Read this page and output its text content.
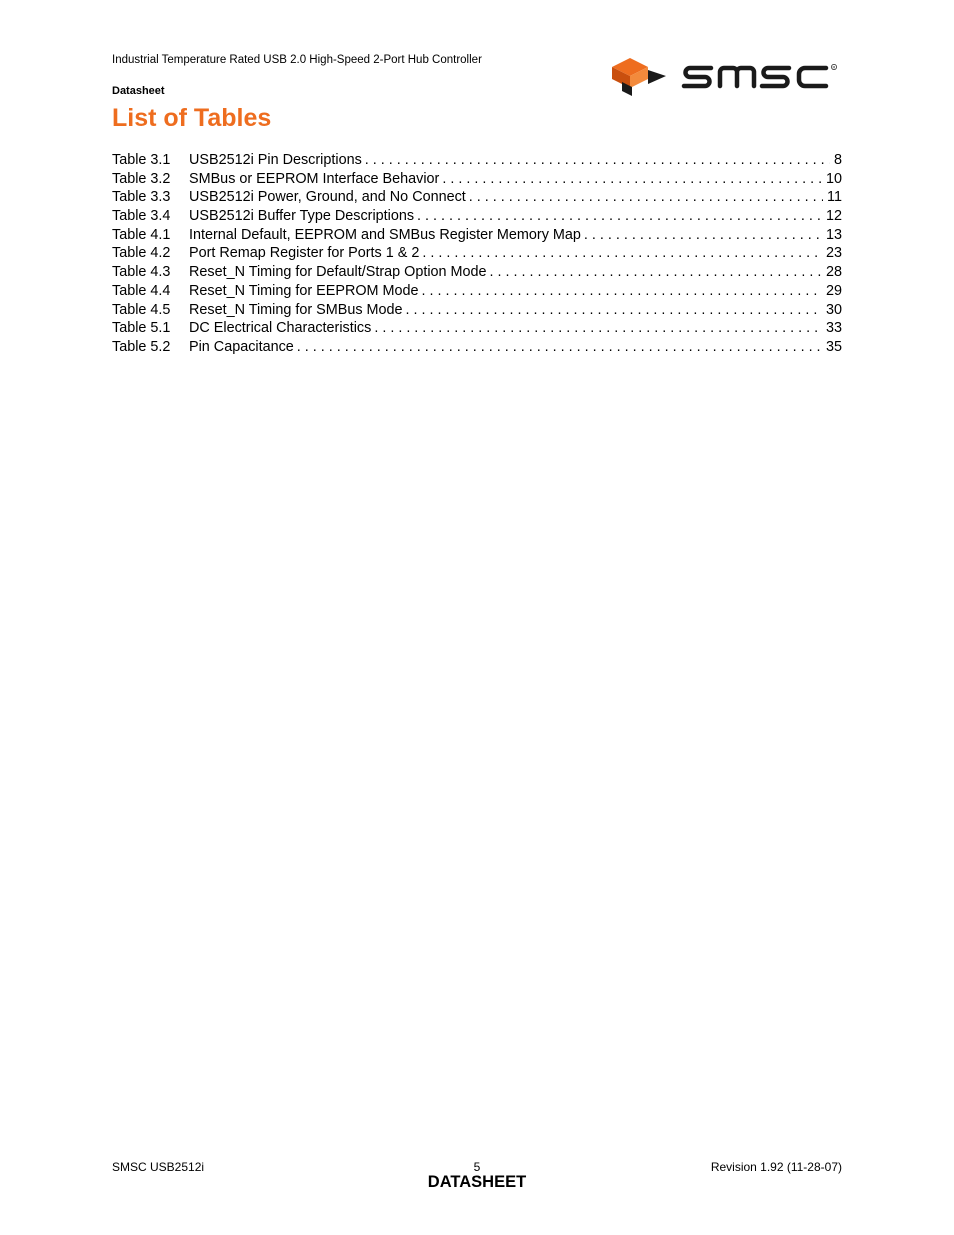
Industrial Temperature Rated USB 2.0 High-Speed 2-Port Hub Controller
Datasheet
R
List of Tables
Table 3.1	USB2512i Pin Descriptions . . .	8
Table 3.2	SMBus or EEPROM Interface Behavior . . .	10
Table 3.3	USB2512i Power, Ground, and No Connect . . .	11
Table 3.4	USB2512i Buffer Type Descriptions . . .	12
Table 4.1	Internal Default, EEPROM and SMBus Register Memory Map . . .	13
Table 4.2	Port Remap Register for Ports 1 & 2 . . .	23
Table 4.3	Reset_N Timing for Default/Strap Option Mode . . .	28
Table 4.4	Reset_N Timing for EEPROM Mode . . .	29
Table 4.5	Reset_N Timing for SMBus Mode . . .	30
Table 5.1	DC Electrical Characteristics . . .	33
Table 5.2	Pin Capacitance . . .	35
SMSC USB2512i	5
DATASHEET
Revision 1.92 (11-28-07)
